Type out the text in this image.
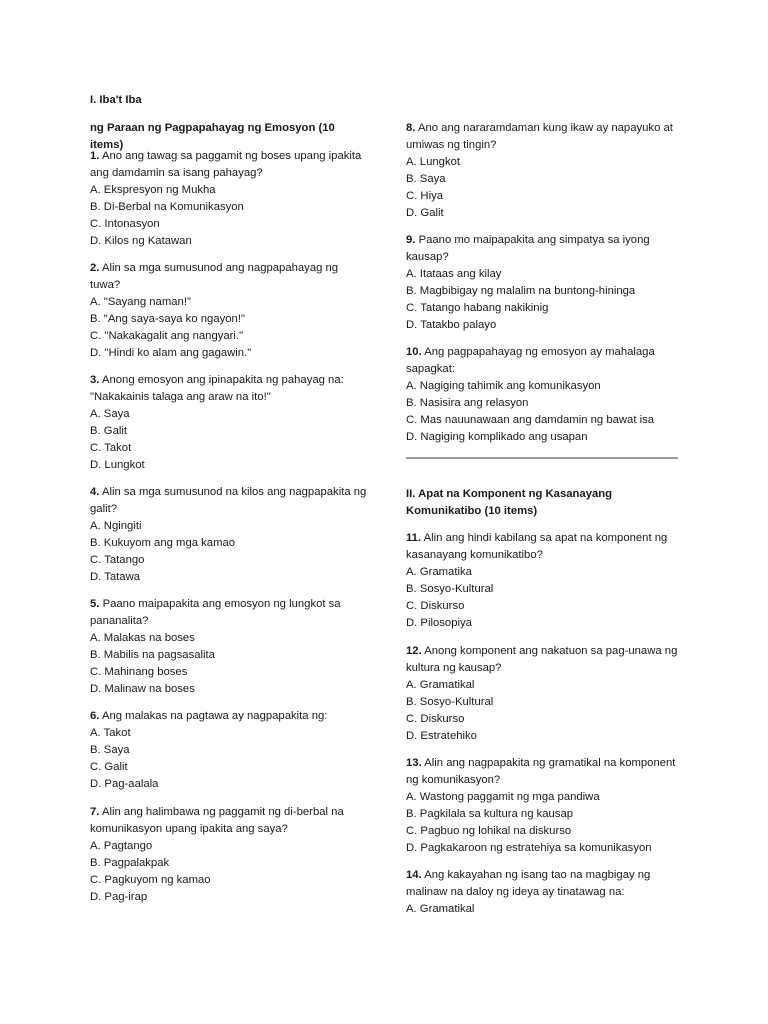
I. Iba't Iba
ng Paraan ng Pagpapahayag ng Emosyon (10 items)

1. Ano ang tawag sa paggamit ng boses upang ipakita ang damdamin sa isang pahayag?

A. Ekspresyon ng Mukha

B. Di-Berbal na Komunikasyon

C. Intonasyon

D. Kilos ng Katawan

2. Alin sa mga sumusunod ang nagpapahayag ng tuwa?

A. "Sayang naman!"

B. "Ang saya-saya ko ngayon!"

C. "Nakakagalit ang nangyari."

D. "Hindi ko alam ang gagawin."

3. Anong emosyon ang ipinapakita ng pahayag na: "Nakakainis talaga ang araw na ito!"

A. Saya

B. Galit

C. Takot

D. Lungkot

4. Alin sa mga sumusunod na kilos ang nagpapakita ng galit?

A. Ngingiti

B. Kukuyom ang mga kamao

C. Tatango

D. Tatawa

5. Paano maipapakita ang emosyon ng lungkot sa pananalita?

A. Malakas na boses

B. Mabilis na pagsasalita

C. Mahinang boses

D. Malinaw na boses

6. Ang malakas na pagtawa ay nagpapakita ng:

A. Takot

B. Saya

C. Galit

D. Pag-aalala

7. Alin ang halimbawa ng paggamit ng di-berbal na komunikasyon upang ipakita ang saya?

A. Pagtango

B. Pagpalakpak

C. Pagkuyom ng kamao

D. Pag-irap

8. Ano ang nararamdaman kung ikaw ay napayuko at umiwas ng tingin?

A. Lungkot

B. Saya

C. Hiya

D. Galit

9. Paano mo maipapakita ang simpatya sa iyong kausap?

A. Itataas ang kilay

B. Magbibigay ng malalim na buntong-hininga

C. Tatango habang nakikinig

D. Tatakbo palayo

10. Ang pagpapahayag ng emosyon ay mahalaga sapagkat:

A. Nagiging tahimik ang komunikasyon

B. Nasisira ang relasyon

C. Mas nauunawaan ang damdamin ng bawat isa

D. Nagiging komplikado ang usapan

II. Apat na Komponent ng Kasanayang
Komunikatibo (10 items)

11. Alin ang hindi kabilang sa apat na komponent ng kasanayang komunikatibo?

A. Gramatika

B. Sosyo-Kultural

C. Diskurso

D. Pilosopiya

12. Anong komponent ang nakatuon sa pag-unawa ng kultura ng kausap?

A. Gramatikal

B. Sosyo-Kultural

C. Diskurso

D. Estratehiko

13. Alin ang nagpapakita ng gramatikal na komponent ng komunikasyon?

A. Wastong paggamit ng mga pandiwa

B. Pagkilala sa kultura ng kausap

C. Pagbuo ng lohikal na diskurso

D. Pagkakaroon ng estratehiya sa komunikasyon

14. Ang kakayahan ng isang tao na magbigay ng malinaw na daloy ng ideya ay tinatawag na:

A. Gramatikal
